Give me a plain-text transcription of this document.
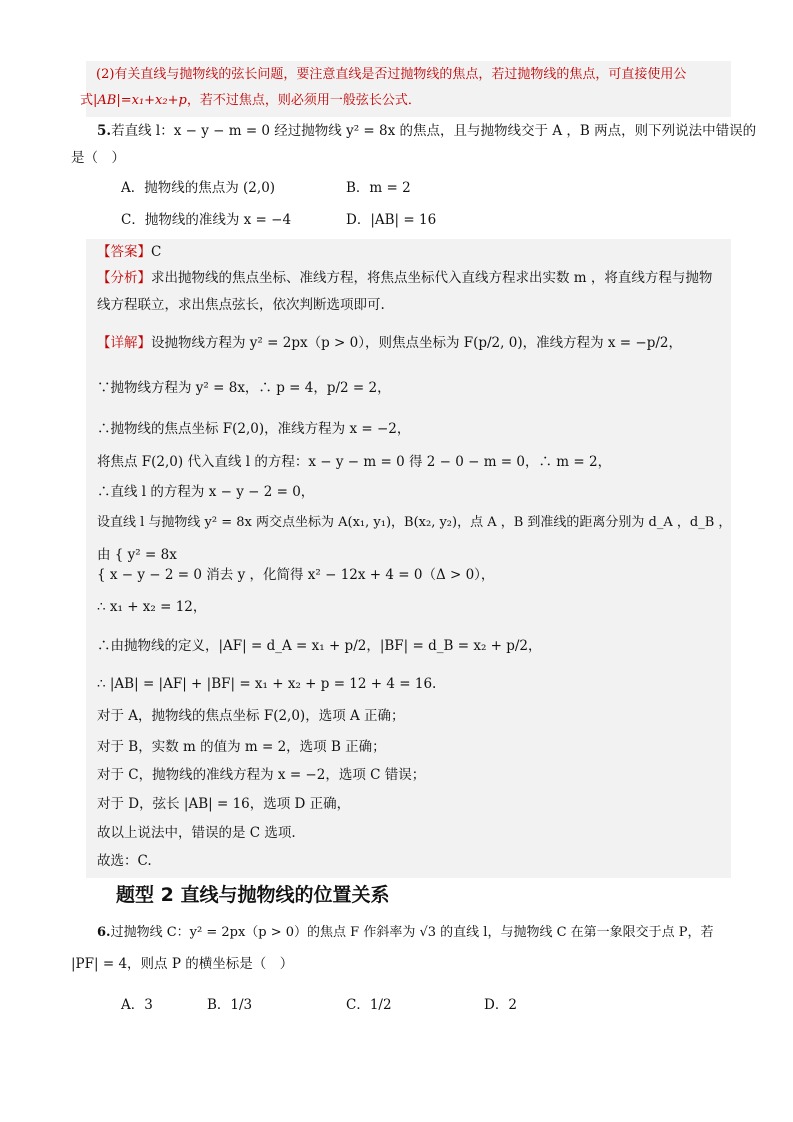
(2)有关直线与抛物线的弦长问题，要注意直线是否过抛物线的焦点，若过抛物线的焦点，可直接使用公
式|AB|=x₁+x₂+p，若不过焦点，则必须用一般弦长公式．
5.若直线 l：x − y − m = 0 经过抛物线 y² = 8x 的焦点，且与抛物线交于 A ，B 两点，则下列说法中错误的
是（　）
A．抛物线的焦点为 (2,0)	B．m = 2
C．抛物线的准线为 x = −4	D．|AB| = 16
【答案】C
【分析】求出抛物线的焦点坐标、准线方程，将焦点坐标代入直线方程求出实数 m ，将直线方程与抛物
线方程联立，求出焦点弦长，依次判断选项即可.
【详解】设抛物线方程为 y² = 2px（p > 0），则焦点坐标为 F(p/2, 0)，准线方程为 x = −p/2，
∵抛物线方程为 y² = 8x，∴ p = 4，p/2 = 2，
∴抛物线的焦点坐标 F(2,0)，准线方程为 x = −2，
将焦点 F(2,0) 代入直线 l 的方程：x − y − m = 0 得 2 − 0 − m = 0，∴ m = 2，
∴直线 l 的方程为 x − y − 2 = 0，
设直线 l 与抛物线 y² = 8x 两交点坐标为 A(x₁, y₁)，B(x₂, y₂)，点 A ，B 到准线的距离分别为 d_A ，d_B ，
由 { y² = 8x
{ x − y − 2 = 0 消去 y ，化简得 x² − 12x + 4 = 0（Δ > 0），
∴ x₁ + x₂ = 12，
∴由抛物线的定义，|AF| = d_A = x₁ + p/2，|BF| = d_B = x₂ + p/2，
∴ |AB| = |AF| + |BF| = x₁ + x₂ + p = 12 + 4 = 16.
对于 A，抛物线的焦点坐标 F(2,0)，选项 A 正确；
对于 B，实数 m 的值为 m = 2，选项 B 正确；
对于 C，抛物线的准线方程为 x = −2，选项 C 错误；
对于 D，弦长 |AB| = 16，选项 D 正确，
故以上说法中，错误的是 C 选项.
故选：C.
题型 2 直线与抛物线的位置关系
6.过抛物线 C：y² = 2px（p > 0）的焦点 F 作斜率为 √3 的直线 l，与抛物线 C 在第一象限交于点 P，若
|PF| = 4，则点 P 的横坐标是（　）
A．3	B．1/3	C．1/2	D．2
